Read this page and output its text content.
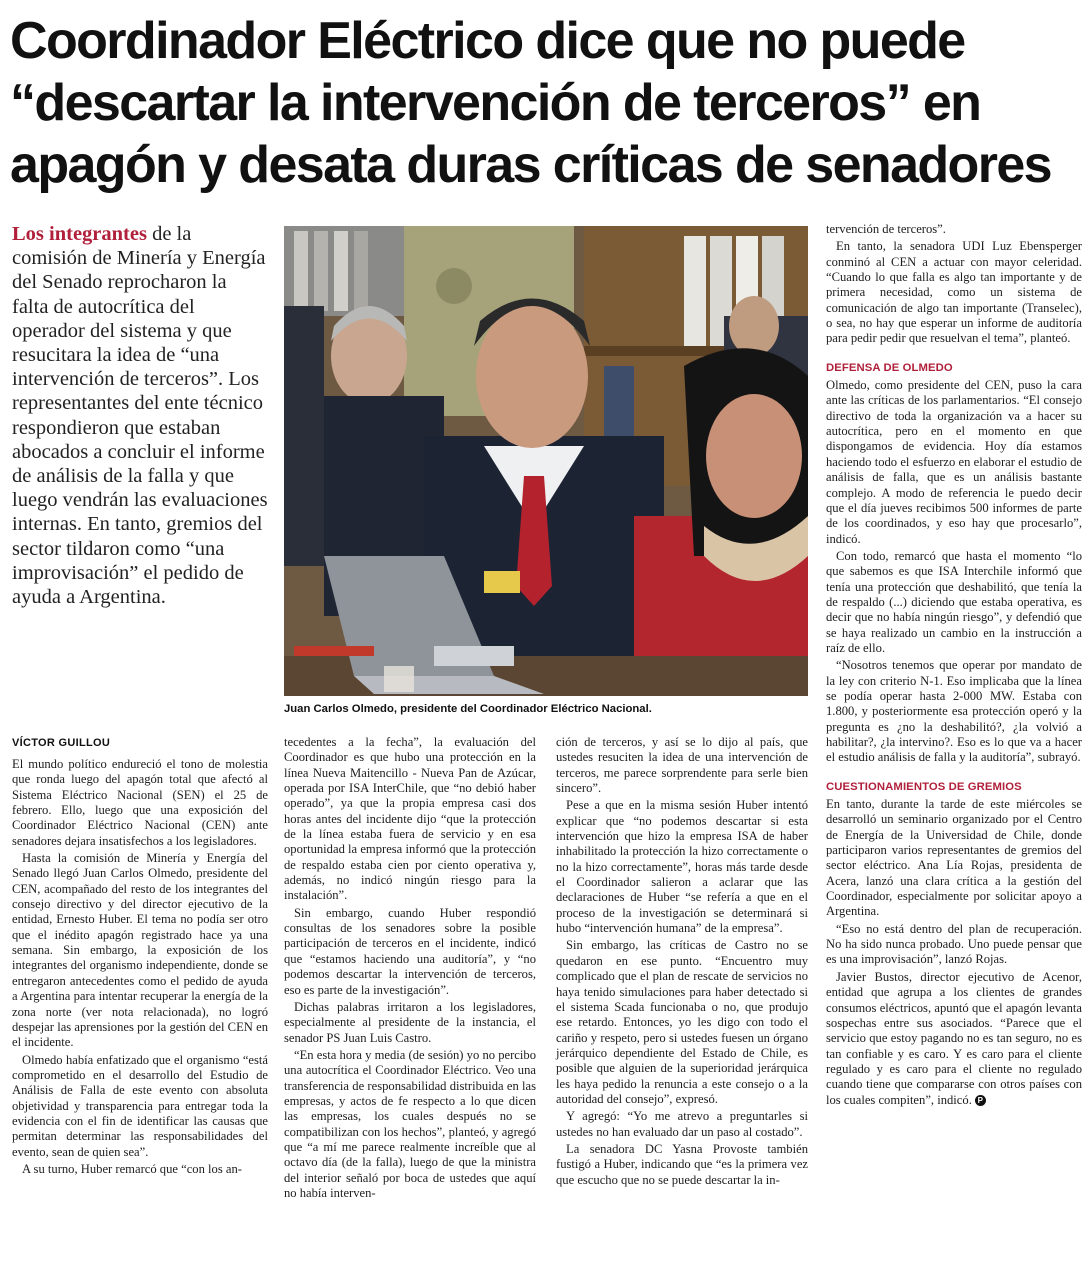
Coordinador Eléctrico dice que no puede “descartar la intervención de terceros” en apagón y desata duras críticas de senadores

Los integrantes de la comisión de Minería y Energía del Senado reprocharon la falta de autocrítica del operador del sistema y que resucitara la idea de “una intervención de terceros”. Los representantes del ente técnico respondieron que estaban abocados a concluir el informe de análisis de la falla y que luego vendrán las evaluaciones internas. En tanto, gremios del sector tildaron como “una improvisación” el pedido de ayuda a Argentina.

Juan Carlos Olmedo, presidente del Coordinador Eléctrico Nacional.

VÍCTOR GUILLOU

El mundo político endureció el tono de molestia que ronda luego del apagón total que afectó al Sistema Eléctrico Nacional (SEN) el 25 de febrero. Ello, luego que una exposición del Coordinador Eléctrico Nacional (CEN) ante senadores dejara insatisfechos a los legisladores.

Hasta la comisión de Minería y Energía del Senado llegó Juan Carlos Olmedo, presidente del CEN, acompañado del resto de los integrantes del consejo directivo y del director ejecutivo de la entidad, Ernesto Huber. El tema no podía ser otro que el inédito apagón registrado hace ya una semana. Sin embargo, la exposición de los integrantes del organismo independiente, donde se entregaron antecedentes como el pedido de ayuda a Argentina para intentar recuperar la energía de la zona norte (ver nota relacionada), no logró despejar las aprensiones por la gestión del CEN en el incidente.

Olmedo había enfatizado que el organismo “está comprometido en el desarrollo del Estudio de Análisis de Falla de este evento con absoluta objetividad y transparencia para entregar toda la evidencia con el fin de identificar las causas que permitan determinar las responsabilidades del evento, sean de quien sea”.

A su turno, Huber remarcó que “con los an-

tecedentes a la fecha”, la evaluación del Coordinador es que hubo una protección en la línea Nueva Maitencillo - Nueva Pan de Azúcar, operada por ISA InterChile, que “no debió haber operado”, ya que la propia empresa casi dos horas antes del incidente dijo “que la protección de la línea estaba fuera de servicio y en esa oportunidad la empresa informó que la protección de respaldo estaba cien por ciento operativa y, además, no indicó ningún riesgo para la instalación”.

Sin embargo, cuando Huber respondió consultas de los senadores sobre la posible participación de terceros en el incidente, indicó que “estamos haciendo una auditoría”, y “no podemos descartar la intervención de terceros, eso es parte de la investigación”.

Dichas palabras irritaron a los legisladores, especialmente al presidente de la instancia, el senador PS Juan Luis Castro.

“En esta hora y media (de sesión) yo no percibo una autocrítica el Coordinador Eléctrico. Veo una transferencia de responsabilidad distribuida en las empresas, y actos de fe respecto a lo que dicen las empresas, los cuales después no se compatibilizan con los hechos”, planteó, y agregó que “a mí me parece realmente increíble que al octavo día (de la falla), luego de que la ministra del interior señaló por boca de ustedes que aquí no había interven-

ción de terceros, y así se lo dijo al país, que ustedes resuciten la idea de una intervención de terceros, me parece sorprendente para serle bien sincero”.

Pese a que en la misma sesión Huber intentó explicar que “no podemos descartar si esta intervención que hizo la empresa ISA de haber inhabilitado la protección la hizo correctamente o no la hizo correctamente”, horas más tarde desde el Coordinador salieron a aclarar que las declaraciones de Huber “se refería a que en el proceso de la investigación se determinará si hubo “intervención humana” de la empresa”.

Sin embargo, las críticas de Castro no se quedaron en ese punto. “Encuentro muy complicado que el plan de rescate de servicios no haya tenido simulaciones para haber detectado si el sistema Scada funcionaba o no, que produjo ese retardo. Entonces, yo les digo con todo el cariño y respeto, pero si ustedes fuesen un órgano jerárquico dependiente del Estado de Chile, es posible que alguien de la superioridad jerárquica les haya pedido la renuncia a este consejo o a la autoridad del consejo”, expresó.

Y agregó: “Yo me atrevo a preguntarles si ustedes no han evaluado dar un paso al costado”.

La senadora DC Yasna Provoste también fustigó a Huber, indicando que “es la primera vez que escucho que no se puede descartar la in-

tervención de terceros”.

En tanto, la senadora UDI Luz Ebensperger conminó al CEN a actuar con mayor celeridad. “Cuando lo que falla es algo tan importante y de primera necesidad, como un sistema de comunicación de algo tan importante (Transelec), o sea, no hay que esperar un informe de auditoría para pedir pedir que resuelvan el tema”, planteó.

DEFENSA DE OLMEDO

Olmedo, como presidente del CEN, puso la cara ante las críticas de los parlamentarios. “El consejo directivo de toda la organización va a hacer su autocrítica, pero en el momento en que dispongamos de evidencia. Hoy día estamos haciendo todo el esfuerzo en elaborar el estudio de análisis de falla, que es un análisis bastante complejo. A modo de referencia le puedo decir que el día jueves recibimos 500 informes de parte de los coordinados, y eso hay que procesarlo”, indicó.

Con todo, remarcó que hasta el momento “lo que sabemos es que ISA Interchile informó que tenía una protección que deshabilitó, que tenía la de respaldo (...) diciendo que estaba operativa, es decir que no había ningún riesgo”, y defendió que se haya realizado un cambio en la instrucción a raíz de ello.

“Nosotros tenemos que operar por mandato de la ley con criterio N-1. Eso implicaba que la línea se podía operar hasta 2-000 MW. Estaba con 1.800, y posteriormente esa protección operó y la pregunta es ¿no la deshabilitó?, ¿la volvió a habilitar?, ¿la intervino?. Eso es lo que va a hacer el estudio análisis de falla y la auditoría”, subrayó.

CUESTIONAMIENTOS DE GREMIOS

En tanto, durante la tarde de este miércoles se desarrolló un seminario organizado por el Centro de Energía de la Universidad de Chile, donde participaron varios representantes de gremios del sector eléctrico. Ana Lía Rojas, presidenta de Acera, lanzó una clara crítica a la gestión del Coordinador, especialmente por solicitar apoyo a Argentina.

“Eso no está dentro del plan de recuperación. No ha sido nunca probado. Uno puede pensar que es una improvisación”, lanzó Rojas.

Javier Bustos, director ejecutivo de Acenor, entidad que agrupa a los clientes de grandes consumos eléctricos, apuntó que el apagón levanta sospechas entre sus asociados. “Parece que el servicio que estoy pagando no es tan seguro, no es tan confiable y es caro. Y es caro para el cliente regulado y es caro para el cliente no regulado cuando tiene que compararse con otros países con los cuales compiten”, indicó. P
